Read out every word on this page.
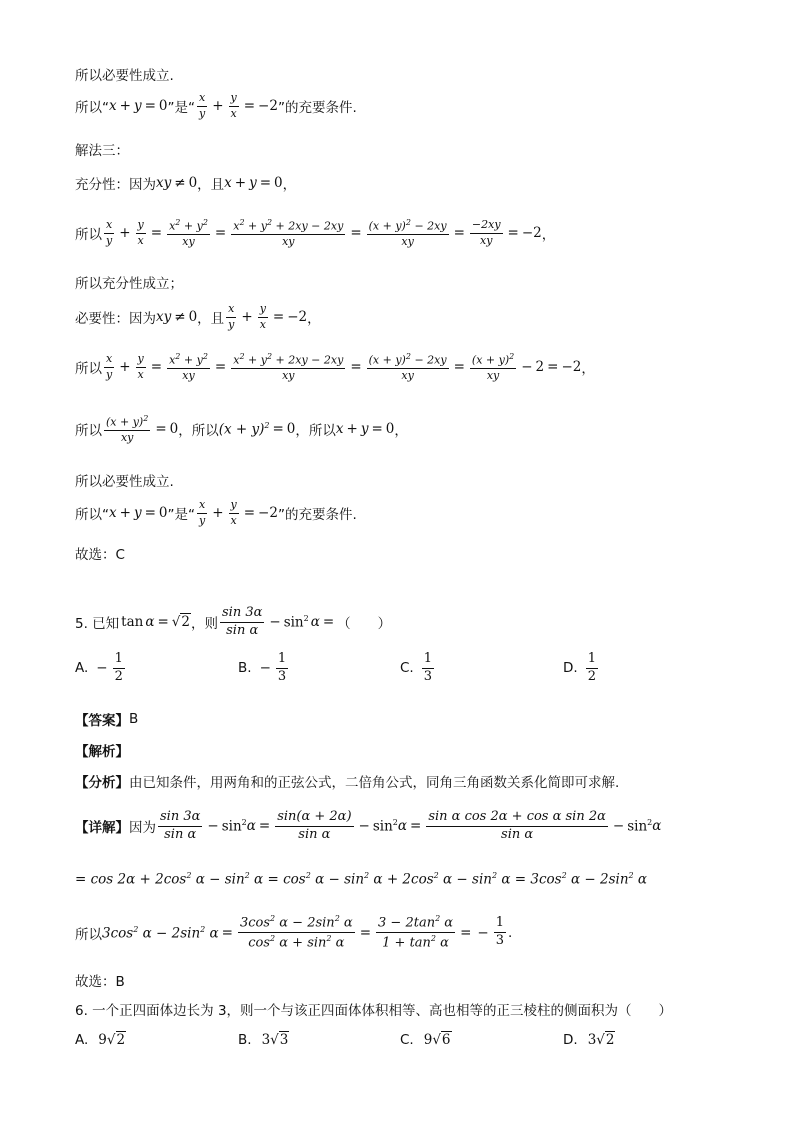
所以必要性成立.
所以“ x + y = 0 ”是“ $\frac{x}{y} + \frac{y}{x} = -2$ ”的充要条件.
解法三：
充分性：因为 xy ≠ 0 ，且 x + y = 0 ，
所以 $\frac{x}{y} + \frac{y}{x} = \frac{x^2 + y^2}{xy} = \frac{x^2 + y^2 + 2xy - 2xy}{xy} = \frac{(x + y)^2 - 2xy}{xy} = \frac{-2xy}{xy} = -2$ ，
所以充分性成立；
必要性：因为 xy ≠ 0 ，且 $\frac{x}{y} + \frac{y}{x} = -2$ ，
所以 $\frac{x}{y} + \frac{y}{x} = \frac{x^2 + y^2}{xy} = \frac{x^2 + y^2 + 2xy - 2xy}{xy} = \frac{(x + y)^2 - 2xy}{xy} = \frac{(x + y)^2}{xy} - 2 = -2$ ，
所以 $\frac{(x + y)^2}{xy} = 0$ ，所以 $(x + y)^2 = 0$ ，所以 x + y = 0 ，
所以必要性成立.
所以“ x + y = 0 ”是“ $\frac{x}{y} + \frac{y}{x} = -2$ ”的充要条件.
故选：C
5. 已知 tan α = √2 ，则 $\frac{\sin 3\alpha}{\text{sin α}} - \sin^2 \alpha$ = （　　）
A. − $\frac{1}{2}$	B. − $\frac{1}{3}$	C. $\frac{1}{3}$	D. $\frac{1}{2}$
【答案】 B
【解析】
【分析】 由已知条件，用两角和的正弦公式，二倍角公式，同角三角函数关系化简即可求解.
【详解】 因为 $\frac{\sin 3\alpha}{\text{sin α}} - \sin^2 \alpha = \frac{\sin(\alpha + 2\alpha)}{\text{sin α}} - \sin^2 \alpha = \frac{\text{sin α cos 2α + cos α sin 2α}}{\text{sin α}} - \sin^2 \alpha$
= $\cos 2\alpha + 2\cos^2$ $\alpha - \sin^2 \alpha = \cos^2 \alpha - \sin^2 \alpha + 2\cos^2$ $\alpha - \sin^2 \alpha = 3\cos^2$ $\alpha - 2\sin^2$ α
所以 $3\cos^2$ $\alpha - 2\sin^2$ $\alpha = \frac{3\cos^2 \alpha - 2\sin^2 \alpha}{\cos^2 \alpha + \sin^2 \alpha} = \frac{3 - 2\tan^2 \alpha}{1 + \tan^2 \alpha}$ = − $\frac{1}{3}$ .
故选：B
6. 一个正四面体边长为 3，则一个与该正四面体体积相等、高也相等的正三棱柱的侧面积为（　　）
A. 9 √2	B. 3 √3	C. 9 √6	D. 3 √2
